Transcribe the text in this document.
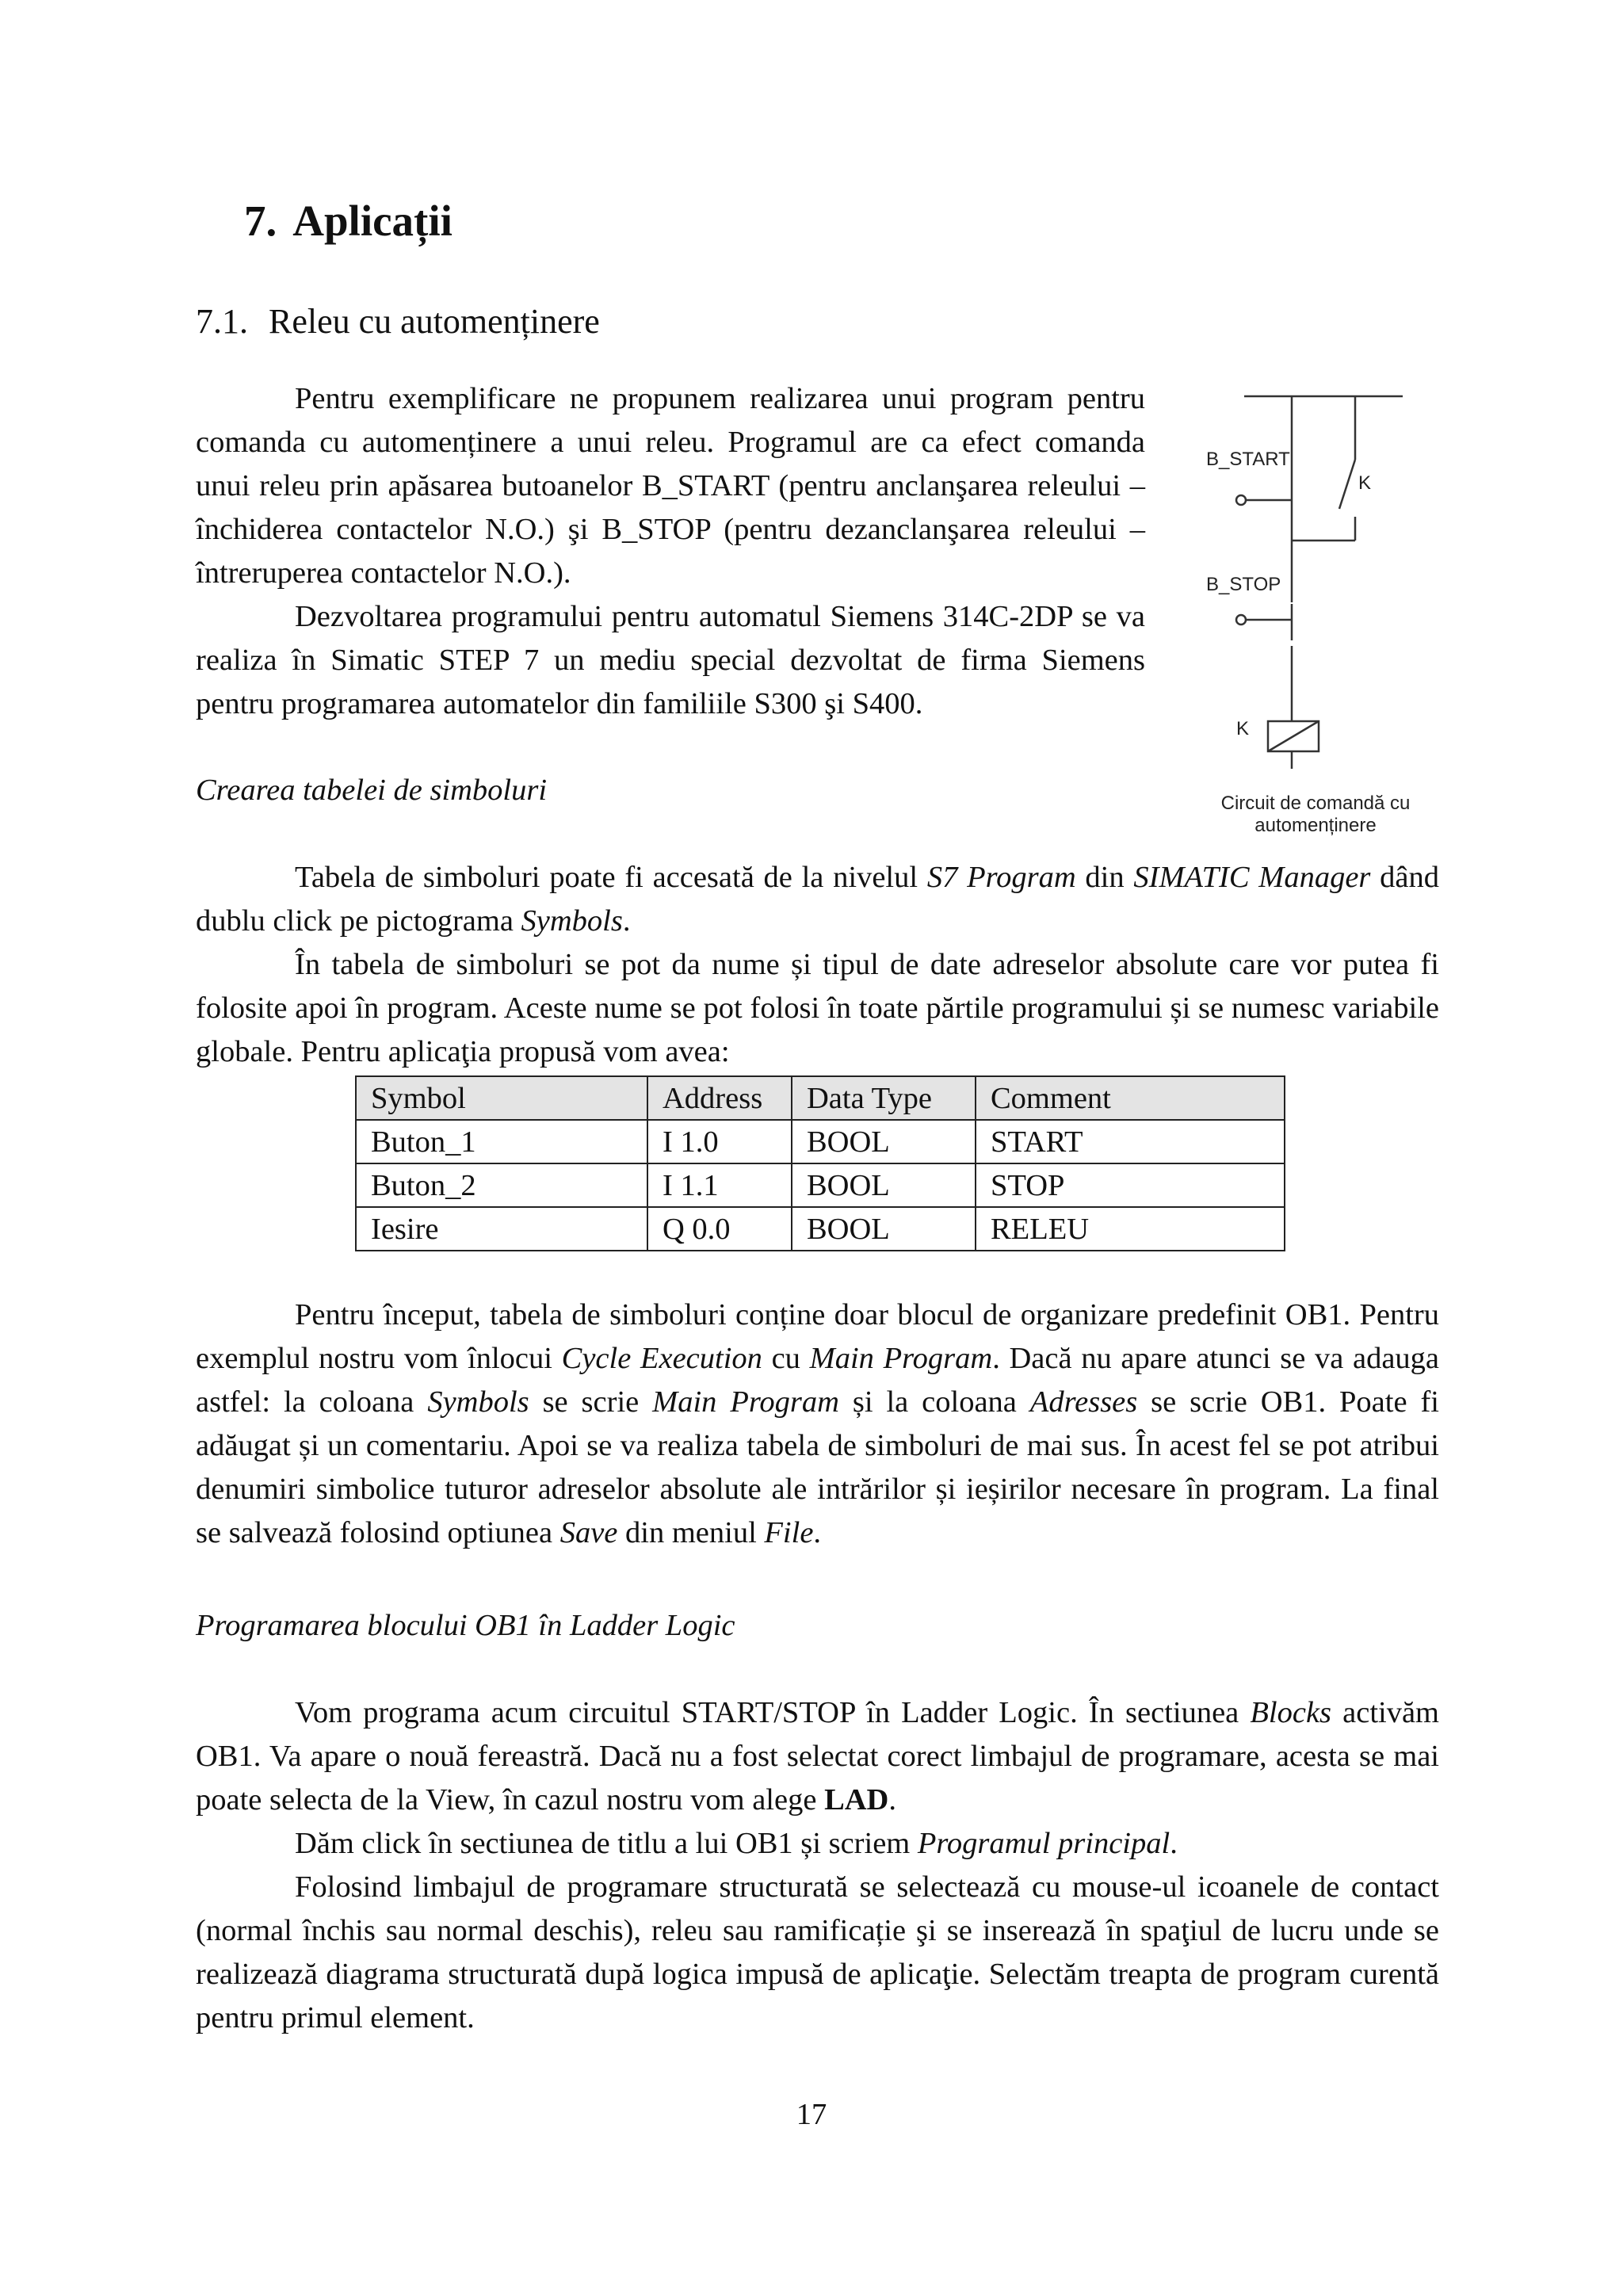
7. Aplicații
7.1. Releu cu automenținere

Pentru exemplificare ne propunem realizarea unui program pentru comanda cu automenținere a unui releu. Programul are ca efect comanda unui releu prin apăsarea butoanelor B_START (pentru anclanşarea releului – închiderea contactelor N.O.) şi B_STOP (pentru dezanclanşarea releului – întreruperea contactelor N.O.).

Dezvoltarea programului pentru automatul Siemens 314C-2DP se va realiza în Simatic STEP 7 un mediu special dezvoltat de firma Siemens pentru programarea automatelor din familiile S300 şi S400.

B_START
K
B_STOP
K
Circuit de comandă cu automenținere

Crearea tabelei de simboluri

Tabela de simboluri poate fi accesată de la nivelul S7 Program din SIMATIC Manager dând dublu click pe pictograma Symbols.

În tabela de simboluri se pot da nume și tipul de date adreselor absolute care vor putea fi folosite apoi în program. Aceste nume se pot folosi în toate părtile programului și se numesc variabile globale. Pentru aplicaţia propusă vom avea:

Symbol	Address	Data Type	Comment
Buton_1	I 1.0	BOOL	START
Buton_2	I 1.1	BOOL	STOP
Iesire	Q 0.0	BOOL	RELEU

Pentru început, tabela de simboluri conține doar blocul de organizare predefinit OB1. Pentru exemplul nostru vom înlocui Cycle Execution cu Main Program. Dacă nu apare atunci se va adauga astfel: la coloana Symbols se scrie Main Program și la coloana Adresses se scrie OB1. Poate fi adăugat și un comentariu. Apoi se va realiza tabela de simboluri de mai sus. În acest fel se pot atribui denumiri simbolice tuturor adreselor absolute ale intrărilor și ieșirilor necesare în program. La final se salvează folosind optiunea Save din meniul File.

Programarea blocului OB1 în Ladder Logic

Vom programa acum circuitul START/STOP în Ladder Logic. În sectiunea Blocks activăm OB1. Va apare o nouă fereastră. Dacă nu a fost selectat corect limbajul de programare, acesta se mai poate selecta de la View, în cazul nostru vom alege LAD.

Dăm click în sectiunea de titlu a lui OB1 și scriem Programul principal.

Folosind limbajul de programare structurată se selectează cu mouse-ul icoanele de contact (normal închis sau normal deschis), releu sau ramificație şi se inserează în spaţiul de lucru unde se realizează diagrama structurată după logica impusă de aplicaţie. Selectăm treapta de program curentă pentru primul element.

17
